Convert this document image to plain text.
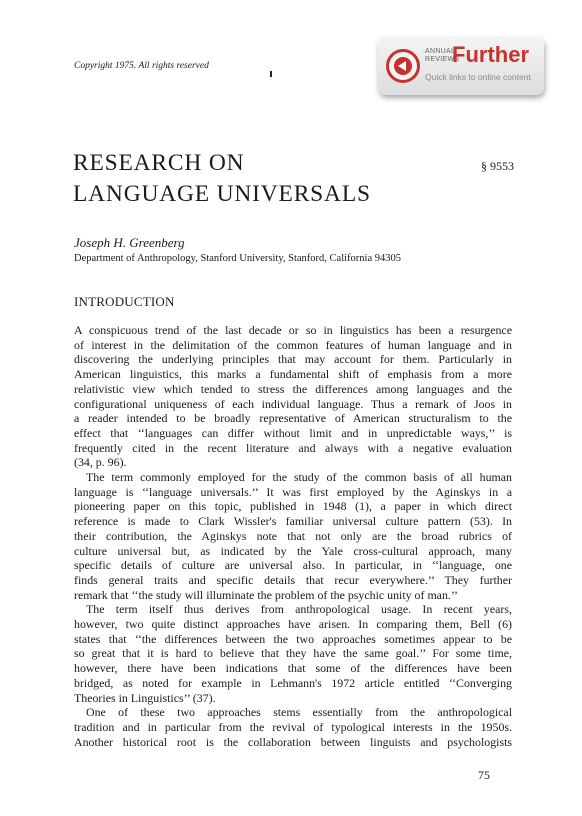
Copyright 1975. All rights reserved
ANNUAL
REVIEWS
Further
Quick links to online content
RESEARCH ON
LANGUAGE UNIVERSALS
§ 9553
Joseph H. Greenberg
Department of Anthropology, Stanford University, Stanford, California 94305
INTRODUCTION
A conspicuous trend of the last decade or so in linguistics has been a resurgence
of interest in the delimitation of the common features of human language and in
discovering the underlying principles that may account for them. Particularly in
American linguistics, this marks a fundamental shift of emphasis from a more
relativistic view which tended to stress the differences among languages and the
configurational uniqueness of each individual language. Thus a remark of Joos in
a reader intended to be broadly representative of American structuralism to the
effect that ‘‘languages can differ without limit and in unpredictable ways,’’ is
frequently cited in the recent literature and always with a negative evaluation
(34, p. 96).
The term commonly employed for the study of the common basis of all human
language is ‘‘language universals.’’ It was first employed by the Aginskys in a
pioneering paper on this topic, published in 1948 (1), a paper in which direct
reference is made to Clark Wissler's familiar universal culture pattern (53). In
their contribution, the Aginskys note that not only are the broad rubrics of
culture universal but, as indicated by the Yale cross-cultural approach, many
specific details of culture are universal also. In particular, in ‘‘language, one
finds general traits and specific details that recur everywhere.’’ They further
remark that ‘‘the study will illuminate the problem of the psychic unity of man.’’
The term itself thus derives from anthropological usage. In recent years,
however, two quite distinct approaches have arisen. In comparing them, Bell (6)
states that ‘‘the differences between the two approaches sometimes appear to be
so great that it is hard to believe that they have the same goal.’’ For some time,
however, there have been indications that some of the differences have been
bridged, as noted for example in Lehmann's 1972 article entitled ‘‘Converging
Theories in Linguistics’’ (37).
One of these two approaches stems essentially from the anthropological
tradition and in particular from the revival of typological interests in the 1950s.
Another historical root is the collaboration between linguists and psychologists
75
